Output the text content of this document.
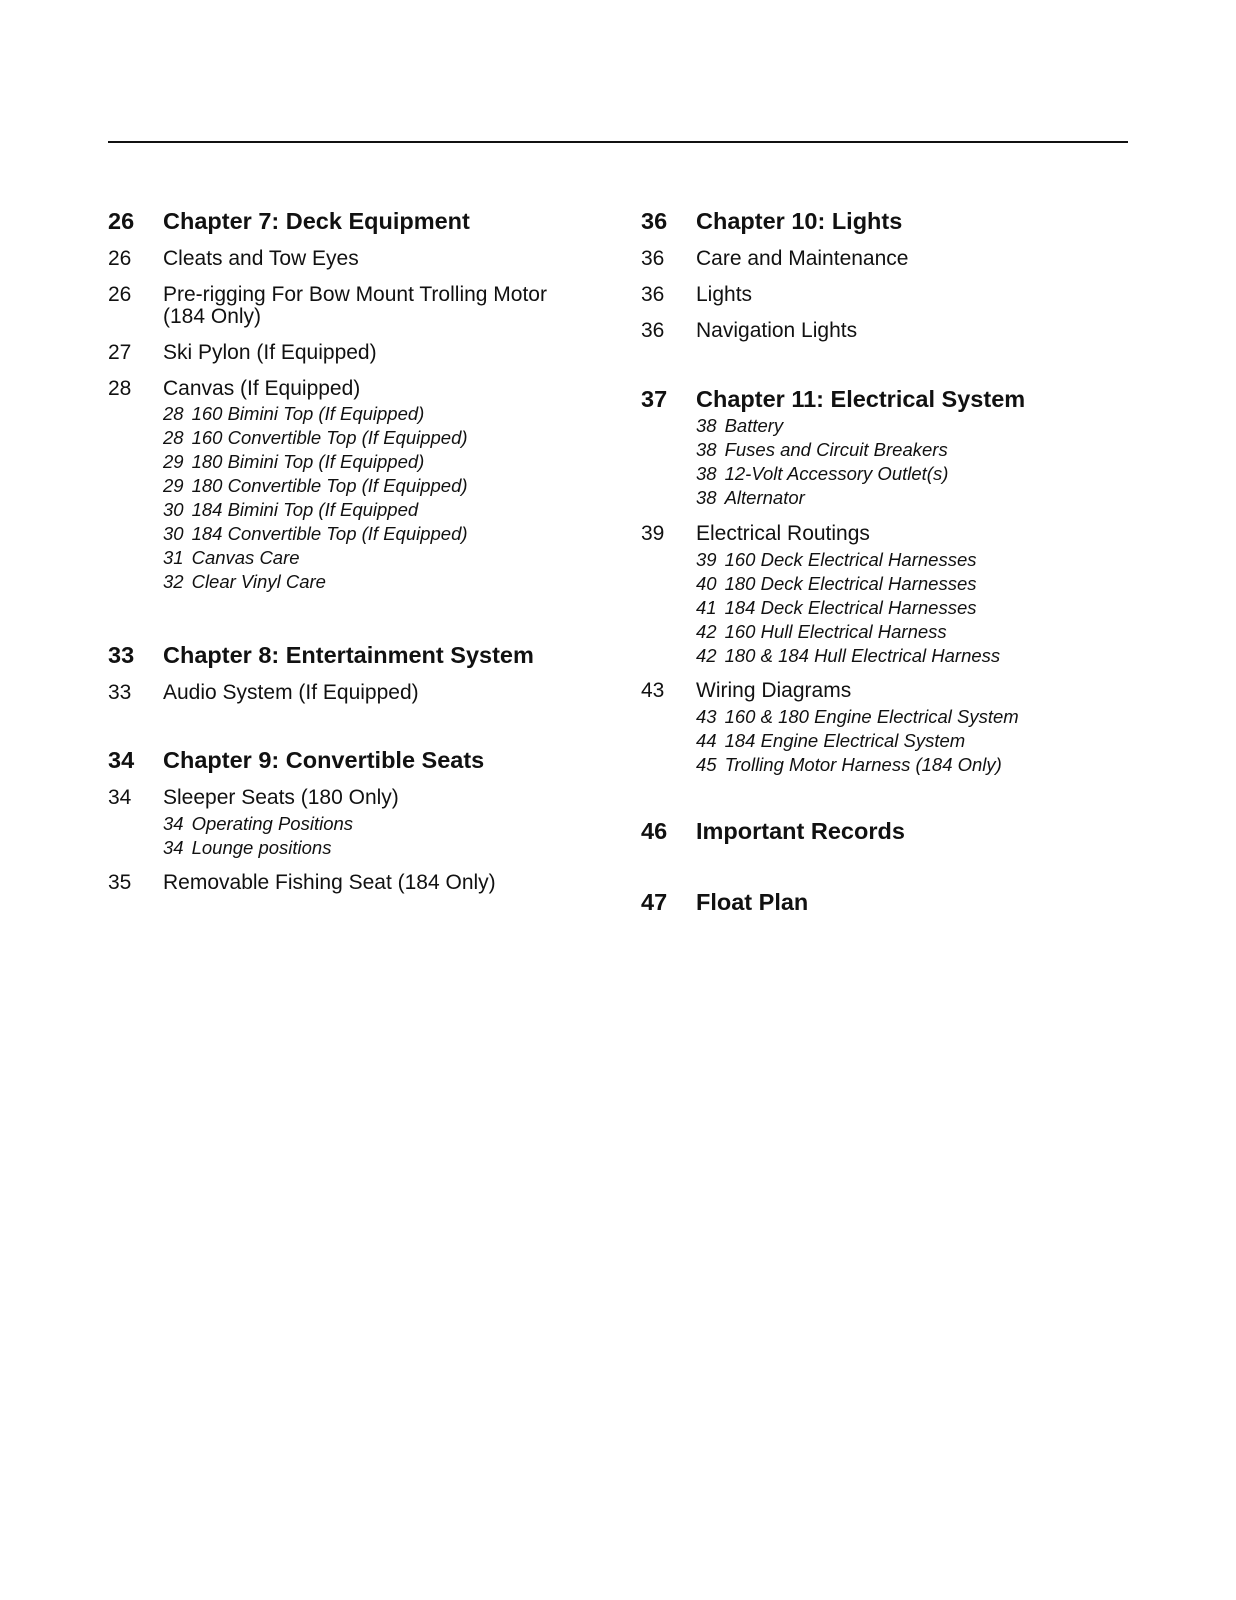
26	Chapter 7: Deck Equipment
26	Cleats and Tow Eyes
26	Pre-rigging For Bow Mount Trolling Motor (184 Only)
27	Ski Pylon (If Equipped)
28	Canvas (If Equipped)
28 160 Bimini Top (If Equipped)
28 160 Convertible Top (If Equipped)
29 180 Bimini Top (If Equipped)
29 180 Convertible Top (If Equipped)
30 184 Bimini Top (If Equipped
30 184 Convertible Top (If Equipped)
31 Canvas Care
32 Clear Vinyl Care
33	Chapter 8: Entertainment System
33	Audio System (If Equipped)
34	Chapter 9: Convertible Seats
34	Sleeper Seats (180 Only)
34 Operating Positions
34 Lounge positions
35	Removable Fishing Seat (184 Only)
36	Chapter 10: Lights
36	Care and Maintenance
36	Lights
36	Navigation Lights
37	Chapter 11: Electrical System
38 Battery
38 Fuses and Circuit Breakers
38 12-Volt Accessory Outlet(s)
38 Alternator
39	Electrical Routings
39 160 Deck Electrical Harnesses
40 180 Deck Electrical Harnesses
41 184 Deck Electrical Harnesses
42 160 Hull Electrical Harness
42 180 & 184 Hull Electrical Harness
43	Wiring Diagrams
43 160 & 180 Engine Electrical System
44 184 Engine Electrical System
45 Trolling Motor Harness (184 Only)
46	Important Records
47	Float Plan
